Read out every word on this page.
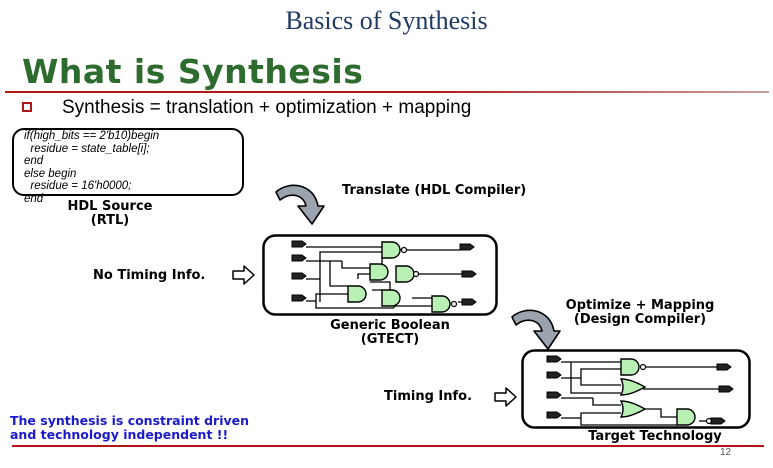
Basics of Synthesis
What is Synthesis
Synthesis = translation + optimization + mapping
if(high_bits == 2'b10)begin
residue = state_table[i];
end
else begin
residue = 16'h0000;
end
HDL Source
(RTL)
Translate (HDL Compiler)
No Timing Info.
Generic Boolean
(GTECT)
Optimize + Mapping
(Design Compiler)
Timing Info.
Target Technology
The synthesis is constraint driven
and technology independent !!
12
